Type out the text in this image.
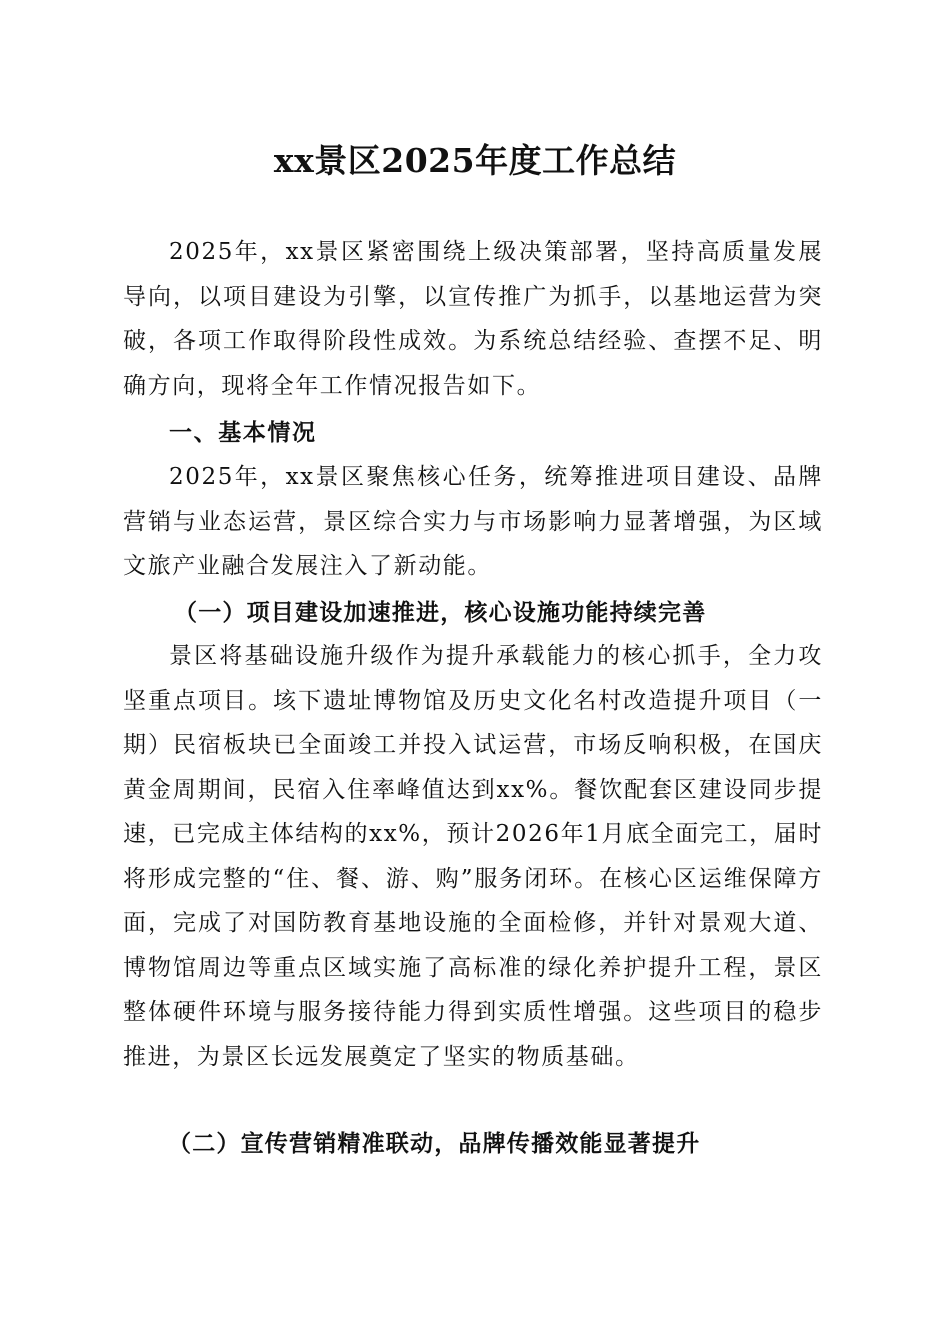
xx景区2025年度工作总结

2025年，xx景区紧密围绕上级决策部署，坚持高质量发展导向，以项目建设为引擎，以宣传推广为抓手，以基地运营为突破，各项工作取得阶段性成效。为系统总结经验、查摆不足、明确方向，现将全年工作情况报告如下。

一、基本情况

2025年，xx景区聚焦核心任务，统筹推进项目建设、品牌营销与业态运营，景区综合实力与市场影响力显著增强，为区域文旅产业融合发展注入了新动能。

（一）项目建设加速推进，核心设施功能持续完善

景区将基础设施升级作为提升承载能力的核心抓手，全力攻坚重点项目。垓下遗址博物馆及历史文化名村改造提升项目（一期）民宿板块已全面竣工并投入试运营，市场反响积极，在国庆黄金周期间，民宿入住率峰值达到xx%。餐饮配套区建设同步提速，已完成主体结构的xx%，预计2026年1月底全面完工，届时将形成完整的“住、餐、游、购”服务闭环。在核心区运维保障方面，完成了对国防教育基地设施的全面检修，并针对景观大道、博物馆周边等重点区域实施了高标准的绿化养护提升工程，景区整体硬件环境与服务接待能力得到实质性增强。这些项目的稳步推进，为景区长远发展奠定了坚实的物质基础。

（二）宣传营销精准联动，品牌传播效能显著提升
